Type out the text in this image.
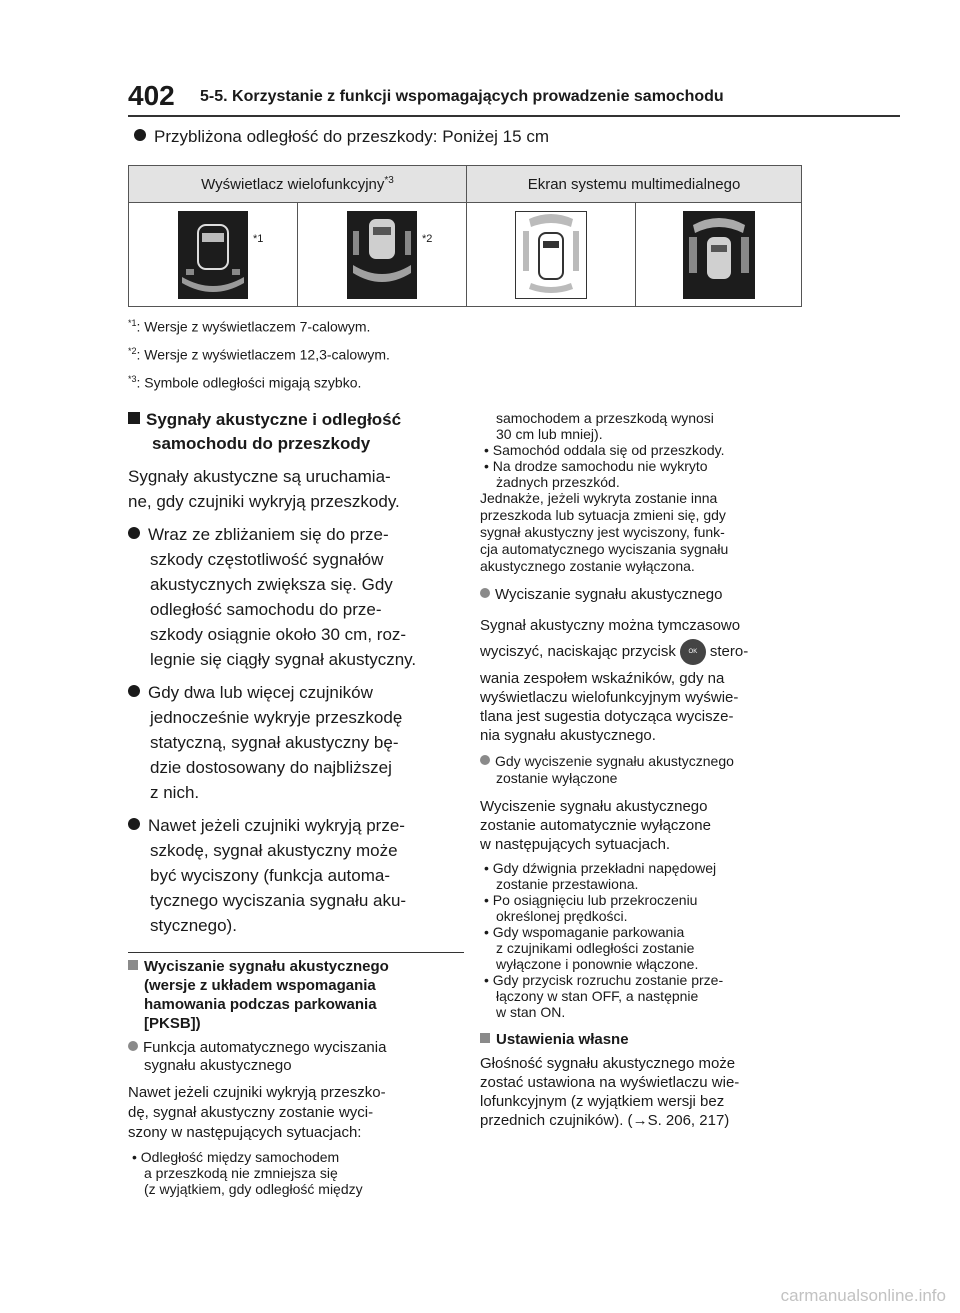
402 5-5. Korzystanie z funkcji wspomagających prowadzenie samochodu
Przybliżona odległość do przeszkody: Poniżej 15 cm
Wyświetlacz wielofunkcyjny$^{*3}$		Ekran systemu multimedialnego	

*1	*2

$^{*1}$: Wersje z wyświetlaczem 7-calowym.
$^{*2}$: Wersje z wyświetlaczem 12,3-calowym.
$^{*3}$: Symbole odległości migają szybko.
Sygnały akustyczne i odległość
samochodu do przeszkody

Sygnały akustyczne są uruchamia-
ne, gdy czujniki wykryją przeszkody.

Wraz ze zbliżaniem się do prze-
szkody częstotliwość sygnałów
akustycznych zwiększa się. Gdy
odległość samochodu do prze-
szkody osiągnie około 30 cm, roz-
legnie się ciągły sygnał akustyczny.

Gdy dwa lub więcej czujników
jednocześnie wykryje przeszkodę
statyczną, sygnał akustyczny bę-
dzie dostosowany do najbliższej
z nich.

Nawet jeżeli czujniki wykryją prze-
szkodę, sygnał akustyczny może
być wyciszony (funkcja automa-
tycznego wyciszania sygnału aku-
stycznego).

Wyciszanie sygnału akustycznego
(wersje z układem wspomagania
hamowania podczas parkowania
[PKSB])

Funkcja automatycznego wyciszania
sygnału akustycznego

Nawet jeżeli czujniki wykryją przeszko-
dę, sygnał akustyczny zostanie wyci-
szony w następujących sytuacjach:

• Odległość między samochodem
a przeszkodą nie zmniejsza się
(z wyjątkiem, gdy odległość między

samochodem a przeszkodą wynosi
30 cm lub mniej).

• Samochód oddala się od przeszkody.

• Na drodze samochodu nie wykryto
żadnych przeszkód.

Jednakże, jeżeli wykryta zostanie inna
przeszkoda lub sytuacja zmieni się, gdy
sygnał akustyczny jest wyciszony, funk-
cja automatycznego wyciszania sygnału
akustycznego zostanie wyłączona.

Wyciszanie sygnału akustycznego

Sygnał akustyczny można tymczasowo
wyciszyć, naciskając przycisk OK stero-

wania zespołem wskaźników, gdy na
wyświetlaczu wielofunkcyjnym wyświe-
tlana jest sugestia dotycząca wycisze-
nia sygnału akustycznego.

Gdy wyciszenie sygnału akustycznego
zostanie wyłączone

Wyciszenie sygnału akustycznego
zostanie automatycznie wyłączone
w następujących sytuacjach.

• Gdy dźwignia przekładni napędowej
zostanie przestawiona.

• Po osiągnięciu lub przekroczeniu
określonej prędkości.

• Gdy wspomaganie parkowania
z czujnikami odległości zostanie
wyłączone i ponownie włączone.

• Gdy przycisk rozruchu zostanie prze-
łączony w stan OFF, a następnie
w stan ON.

Ustawienia własne

Głośność sygnału akustycznego może
zostać ustawiona na wyświetlaczu wie-
lofunkcyjnym (z wyjątkiem wersji bez
przednich czujników). (→S. 206, 217)

carmanualsonline.info
